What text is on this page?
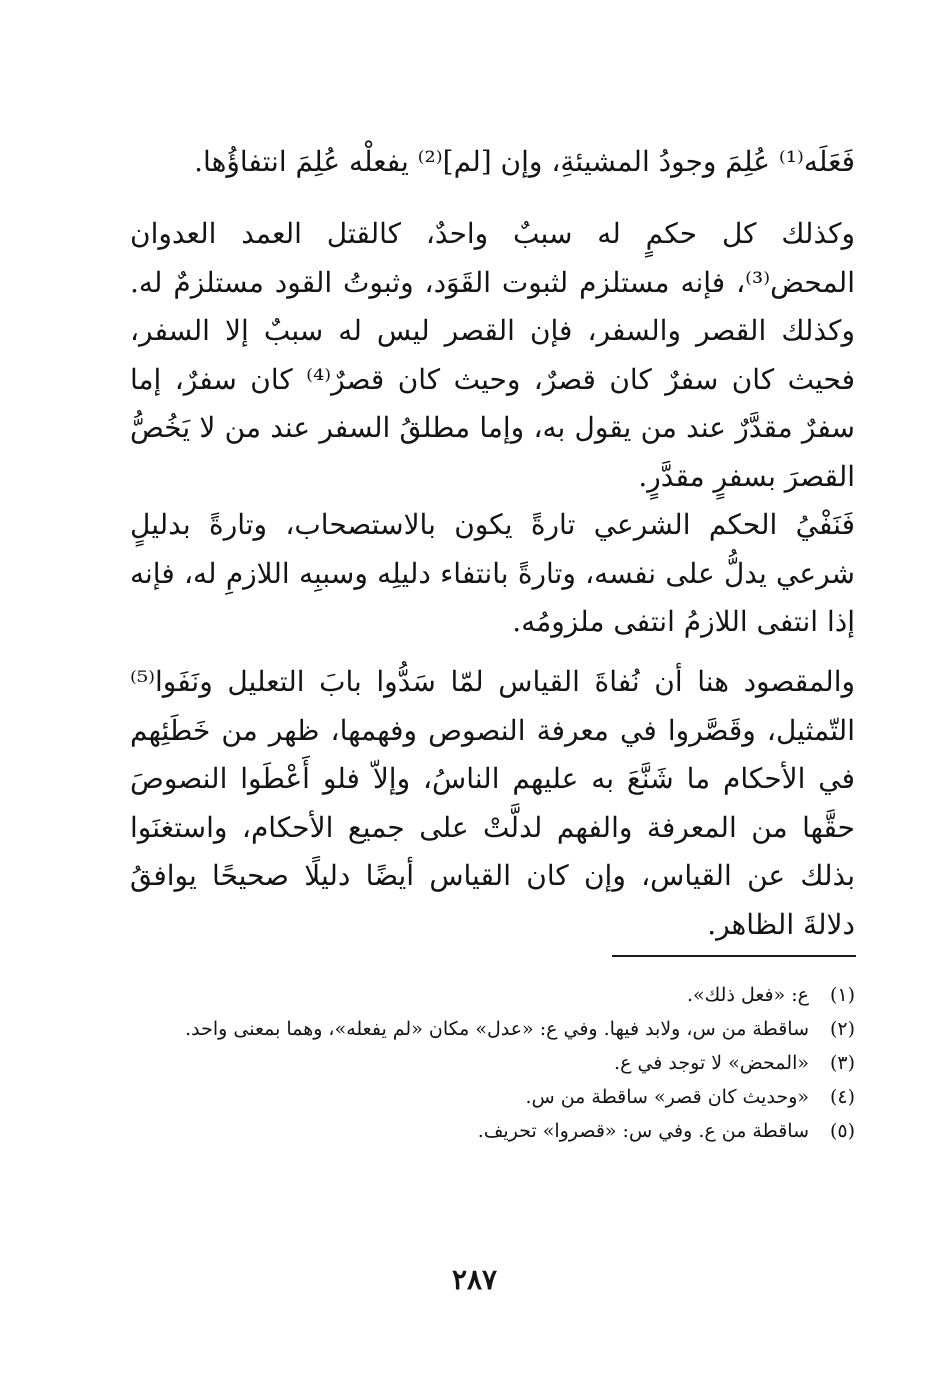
فَعَلَه⁽¹⁾ عُلِمَ وجودُ المشيئةِ، وإن [لم]⁽²⁾ يفعلْه عُلِمَ انتفاؤُها.

وكذلك كل حكمٍ له سببٌ واحدٌ، كالقتل العمد العدوان المحض⁽³⁾، فإنه مستلزم لثبوت القَوَد، وثبوتُ القود مستلزمٌ له. وكذلك القصر والسفر، فإن القصر ليس له سببٌ إلا السفر، فحيث كان سفرٌ كان قصرٌ، وحيث كان قصرٌ⁽⁴⁾ كان سفرٌ، إما سفرٌ مقدَّرٌ عند من يقول به، وإما مطلقُ السفر عند من لا يَخُصُّ القصرَ بسفرٍ مقدَّرٍ.

فَنَفْيُ الحكم الشرعي تارةً يكون بالاستصحاب، وتارةً بدليلٍ شرعي يدلُّ على نفسه، وتارةً بانتفاء دليلِه وسببِه اللازمِ له، فإنه إذا انتفى اللازمُ انتفى ملزومُه.

والمقصود هنا أن نُفاةَ القياس لمّا سَدُّوا بابَ التعليل ونَفَوا⁽⁵⁾ التّمثيل، وقَصَّروا في معرفة النصوص وفهمها، ظهر من خَطَئِهم في الأحكام ما شَنَّعَ به عليهم الناسُ، وإلاّ فلو أَعْطَوا النصوصَ حقَّها من المعرفة والفهم لدلَّتْ على جميع الأحكام، واستغنَوا بذلك عن القياس، وإن كان القياس أيضًا دليلًا صحيحًا يوافقُ دلالةَ الظاهر.

(١)
ع: «فعل ذلك».
(٢)
ساقطة من س، ولابد فيها. وفي ع: «عدل» مكان «لم يفعله»، وهما بمعنى واحد.
(٣)
«المحض» لا توجد في ع.
(٤)
«وحديث كان قصر» ساقطة من س.
(٥)
ساقطة من ع. وفي س: «قصروا» تحريف.
٢٨٧
